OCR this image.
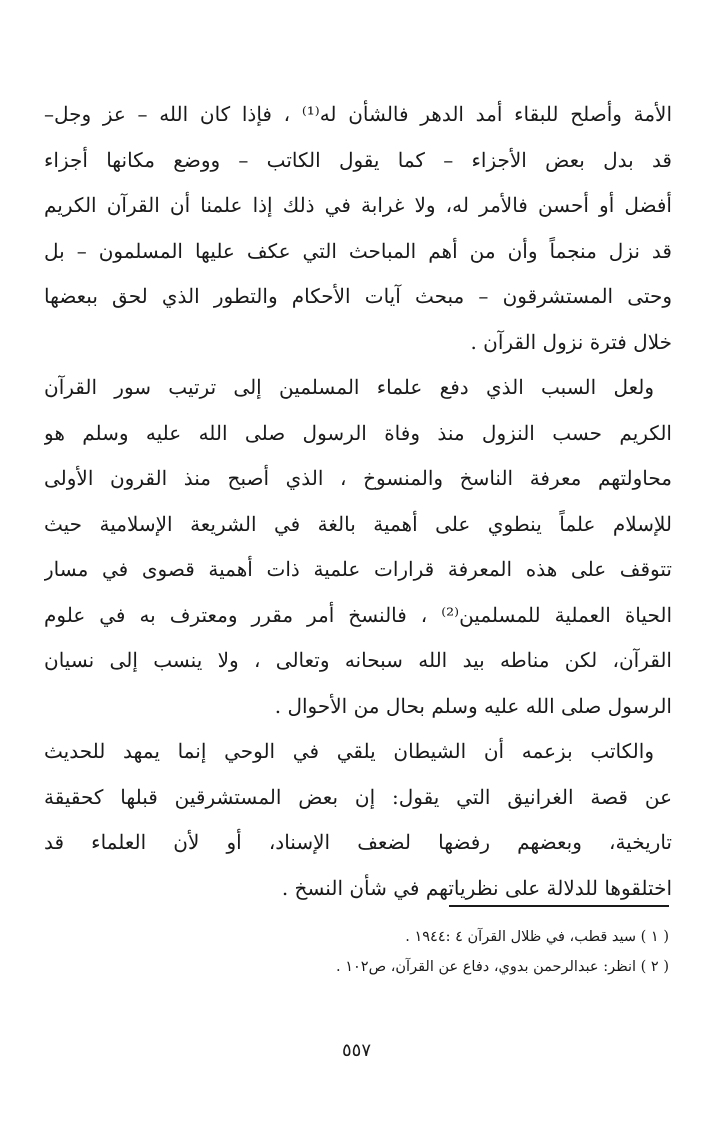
الأمة وأصلح للبقاء أمد الدهر فالشأن له⁽¹⁾ ، فإذا كان الله – عز وجل–
قد بدل بعض الأجزاء – كما يقول الكاتب – ووضع مكانها أجزاء
أفضل أو أحسن فالأمر له، ولا غرابة في ذلك إذا علمنا أن القرآن الكريم
قد نزل منجماً وأن من أهم المباحث التي عكف عليها المسلمون – بل
وحتى المستشرقون – مبحث آيات الأحكام والتطور الذي لحق ببعضها
خلال فترة نزول القرآن .
ولعل السبب الذي دفع علماء المسلمين إلى ترتيب سور القرآن
الكريم حسب النزول منذ وفاة الرسول صلى الله عليه وسلم هو
محاولتهم معرفة الناسخ والمنسوخ ، الذي أصبح منذ القرون الأولى
للإسلام علماً ينطوي على أهمية بالغة في الشريعة الإسلامية حيث
تتوقف على هذه المعرفة قرارات علمية ذات أهمية قصوى في مسار
الحياة العملية للمسلمين⁽²⁾ ، فالنسخ أمر مقرر ومعترف به في علوم
القرآن، لكن مناطه بيد الله سبحانه وتعالى ، ولا ينسب إلى نسيان
الرسول صلى الله عليه وسلم بحال من الأحوال .
والكاتب بزعمه أن الشيطان يلقي في الوحي إنما يمهد للحديث
عن قصة الغرانيق التي يقول: إن بعض المستشرقين قبلها كحقيقة
تاريخية، وبعضهم رفضها لضعف الإسناد، أو لأن العلماء قد
اختلقوها للدلالة على نظرياتهم في شأن النسخ .
( ١ ) سيد قطب، في ظلال القرآن ٤ :١٩٤٤ .
( ٢ ) انظر: عبدالرحمن بدوي، دفاع عن القرآن، ص١٠٢ .
٥٥٧
